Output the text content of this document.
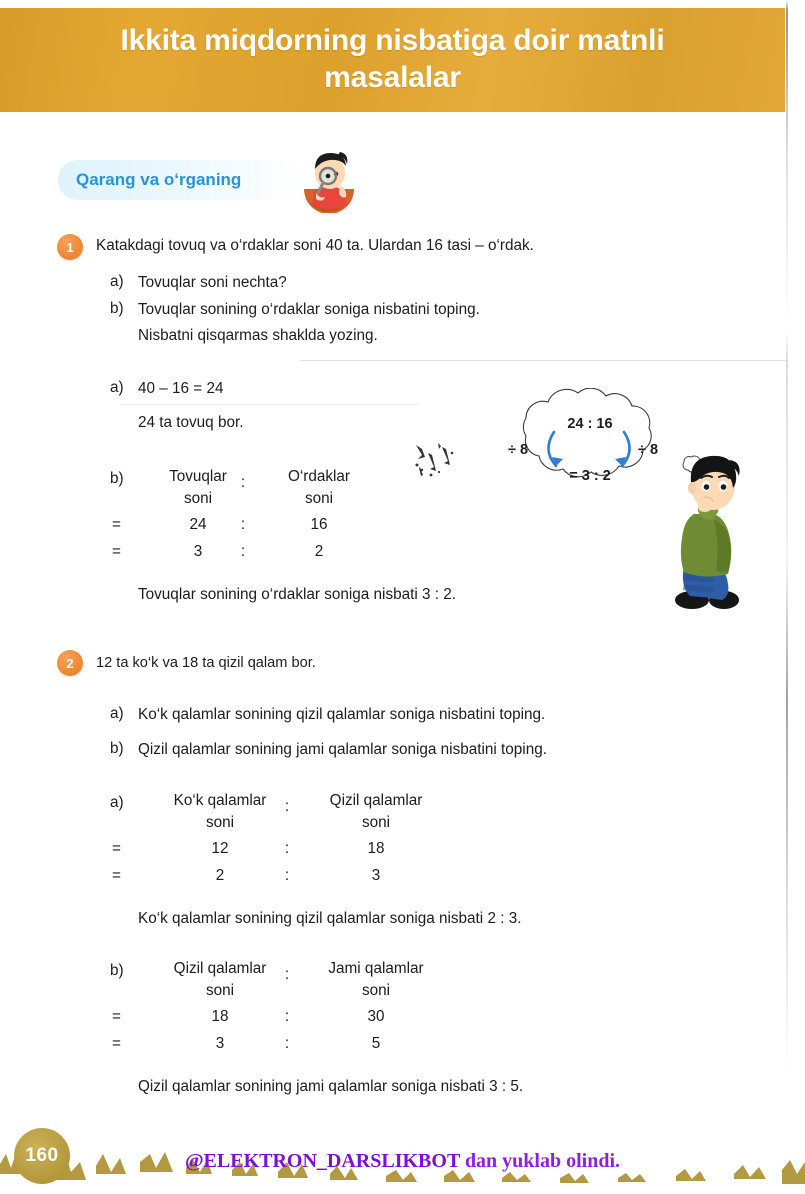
Ikkita miqdorning nisbatiga doir matnli masalalar
Qarang va o‘rganing
1	Katakdagi tovuq va o‘rdaklar soni 40 ta. Ulardan 16 tasi – o‘rdak.
a) Tovuqlar soni nechta?
b) Tovuqlar sonining o‘rdaklar soniga nisbatini toping.
Nisbatni qisqarmas shaklda yozing.
a) 40 – 16 = 24
24 ta tovuq bor.
b)	Tovuqlar :	O‘rdaklar
soni	soni
=	24	:	16
=	3	:	2
Tovuqlar sonining o‘rdaklar soniga nisbati 3 : 2.
24 : 16
÷ 8	÷ 8
= 3 : 2
2	12 ta ko‘k va 18 ta qizil qalam bor.
a) Ko‘k qalamlar sonining qizil qalamlar soniga nisbatini toping.
b) Qizil qalamlar sonining jami qalamlar soniga nisbatini toping.
a)	Ko‘k qalamlar	:	Qizil qalamlar
soni	soni
=	12	:	18
=	2	:	3
Ko‘k qalamlar sonining qizil qalamlar soniga nisbati 2 : 3.
b)	Qizil qalamlar	:	Jami qalamlar
soni	soni
=	18	:	30
=	3	:	5
Qizil qalamlar sonining jami qalamlar soniga nisbati 3 : 5.
160	@ELEKTRON_DARSLIKBOT dan yuklab olindi.
